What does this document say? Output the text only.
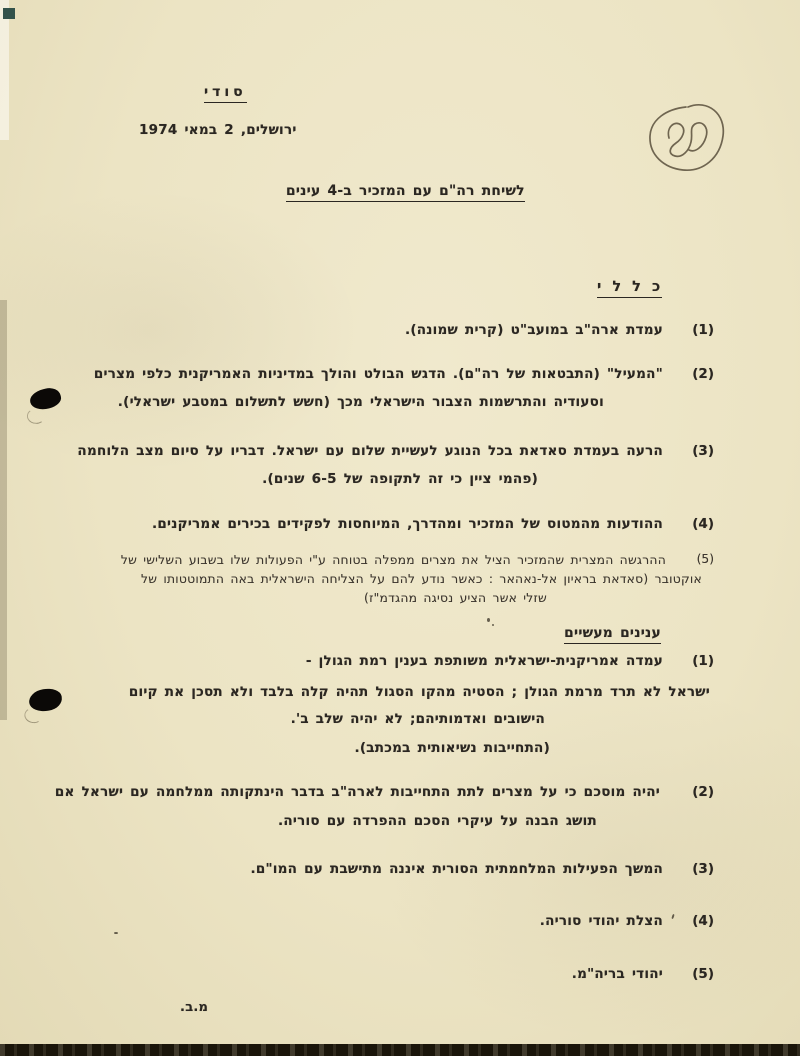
סודי
ירושלים, 2 במאי 1974
לשיחת רה"ם עם המזכיר ב-4 עינים
כ ל ל י
(1)
עמדת ארה"ב במועב"ט (קרית שמונה).
(2)
"המעיל" (התבטאות של רה"ם). הדגש הבולט והולך במדיניות האמריקנית כלפי מצרים
וסעודיה והתרשמות הצבור הישראלי מכך (חשש לתשלום במטבע ישראלי).
(3)
הרעה בעמדת סאדאת בכל הנוגע לעשיית שלום עם ישראל. דבריו על סיום מצב הלוחמה
(פהמי ציין כי זה לתקופה של 6-5 שנים).
(4)
ההודעות מהמטוס של המזכיר ומהדרך, המיוחסות לפקידים בכירים אמריקנים.
(5)
ההרגשה המצרית שהמזכיר הציל את מצרים ממפלה בטוחה ע"י הפעולות שלו בשבוע השלישי של
אוקטובר (סאדאת בראיון אל-נאהאר : כאשר נודע להם על הצליחה הישראלית באה התמוטטותו של
שזלי אשר הציע נסיגה מהגדמ"ז)
ענינים מעשיים
(1)
עמדה אמריקנית-ישראלית משותפת בענין רמת הגולן -
ישראל לא תרד מרמת הגולן ; הסטיה מהקו הסגול תהיה קלה בלבד ולא תסכן את קיום
הישובים ואדמותיהם; לא יהיה שלב ב'.
(התחייבות נשיאותית במכתב).
(2)
יהיה מוסכם כי על מצרים לתת התחייבות לארה"ב בדבר הינתקותה ממלחמה עם ישראל אם
תושג הבנה על עיקרי הסכם ההפרדה עם סוריה.
(3)
המשך הפעילות המלחמתית הסורית איננה מתישבת עם המו"ם.
(4)
הצלת יהודי סוריה.
(5)
יהודי בריה"מ.
מ.ב.
